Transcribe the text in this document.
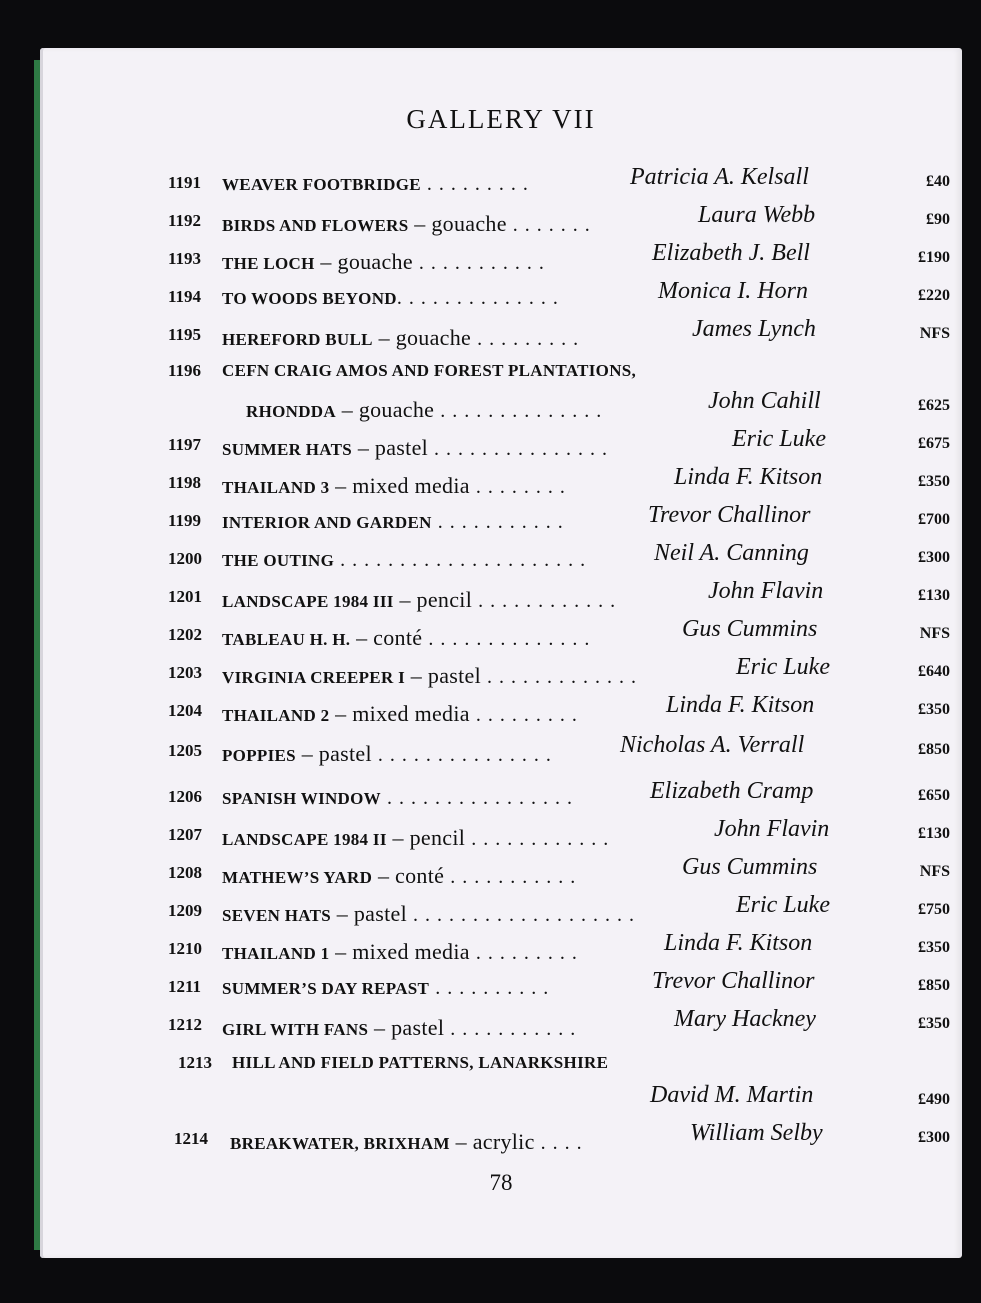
GALLERY VII
1191 WEAVER FOOTBRIDGE . . . . . . . . .	Patricia A. Kelsall	£40
1192 BIRDS AND FLOWERS – gouache . . . . . . .	Laura Webb	£90
1193 THE LOCH – gouache . . . . . . . . . . .	Elizabeth J. Bell	£190
1194 TO WOODS BEYOND. . . . . . . . . . . . . .	Monica I. Horn	£220
1195 HEREFORD BULL – gouache . . . . . . . . .	James Lynch	NFS
1196 CEFN CRAIG AMOS AND FOREST PLANTATIONS,
RHONDDA – gouache . . . . . . . . . . . . . .	John Cahill	£625
1197 SUMMER HATS – pastel . . . . . . . . . . . . . . .	Eric Luke	£675
1198 THAILAND 3 – mixed media . . . . . . . .	Linda F. Kitson	£350
1199 INTERIOR AND GARDEN . . . . . . . . . . .	Trevor Challinor	£700
1200 THE OUTING . . . . . . . . . . . . . . . . . . . . .	Neil A. Canning	£300
1201 LANDSCAPE 1984 III – pencil . . . . . . . . . . . .	John Flavin	£130
1202 TABLEAU H. H. – conté . . . . . . . . . . . . . .	Gus Cummins	NFS
1203 VIRGINIA CREEPER I – pastel . . . . . . . . . . . . .	Eric Luke	£640
1204 THAILAND 2 – mixed media . . . . . . . . .	Linda F. Kitson	£350
1205 POPPIES – pastel . . . . . . . . . . . . . . .	Nicholas A. Verrall	£850
1206 SPANISH WINDOW . . . . . . . . . . . . . . . .	Elizabeth Cramp	£650
1207 LANDSCAPE 1984 II – pencil . . . . . . . . . . . .	John Flavin	£130
1208 MATHEW’S YARD – conté . . . . . . . . . . .	Gus Cummins	NFS
1209 SEVEN HATS – pastel . . . . . . . . . . . . . . . . . . .	Eric Luke	£750
1210 THAILAND 1 – mixed media . . . . . . . . .	Linda F. Kitson	£350
1211 SUMMER’S DAY REPAST . . . . . . . . . .	Trevor Challinor	£850
1212 GIRL WITH FANS – pastel . . . . . . . . . . .	Mary Hackney	£350
1213 HILL AND FIELD PATTERNS, LANARKSHIRE
David M. Martin	£490
1214 BREAKWATER, BRIXHAM – acrylic . . . .	William Selby	£300
78
